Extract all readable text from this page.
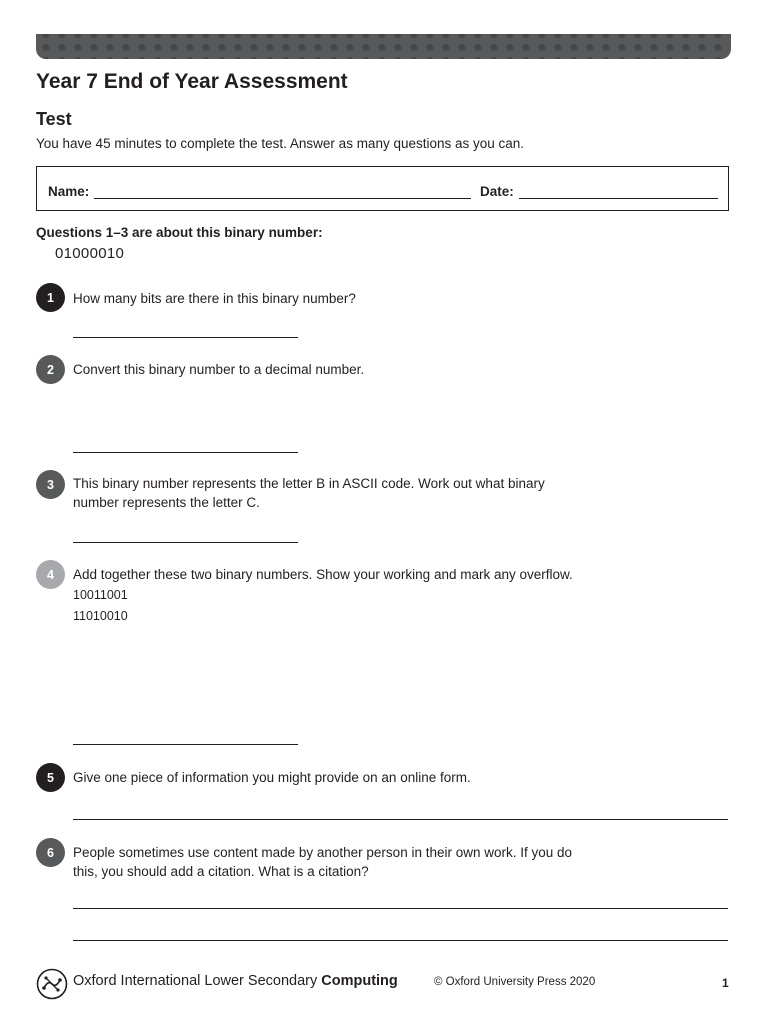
Year 7 End of Year Assessment
Test
You have 45 minutes to complete the test. Answer as many questions as you can.
Name:	Date:
Questions 1–3 are about this binary number:
01000010
1	How many bits are there in this binary number?
2	Convert this binary number to a decimal number.
3	This binary number represents the letter B in ASCII code. Work out what binary number represents the letter C.
4	Add together these two binary numbers. Show your working and mark any overflow.
10011001
11010010
5	Give one piece of information you might provide on an online form.
6	People sometimes use content made by another person in their own work. If you do this, you should add a citation. What is a citation?
Oxford International Lower Secondary Computing	© Oxford University Press 2020	1
